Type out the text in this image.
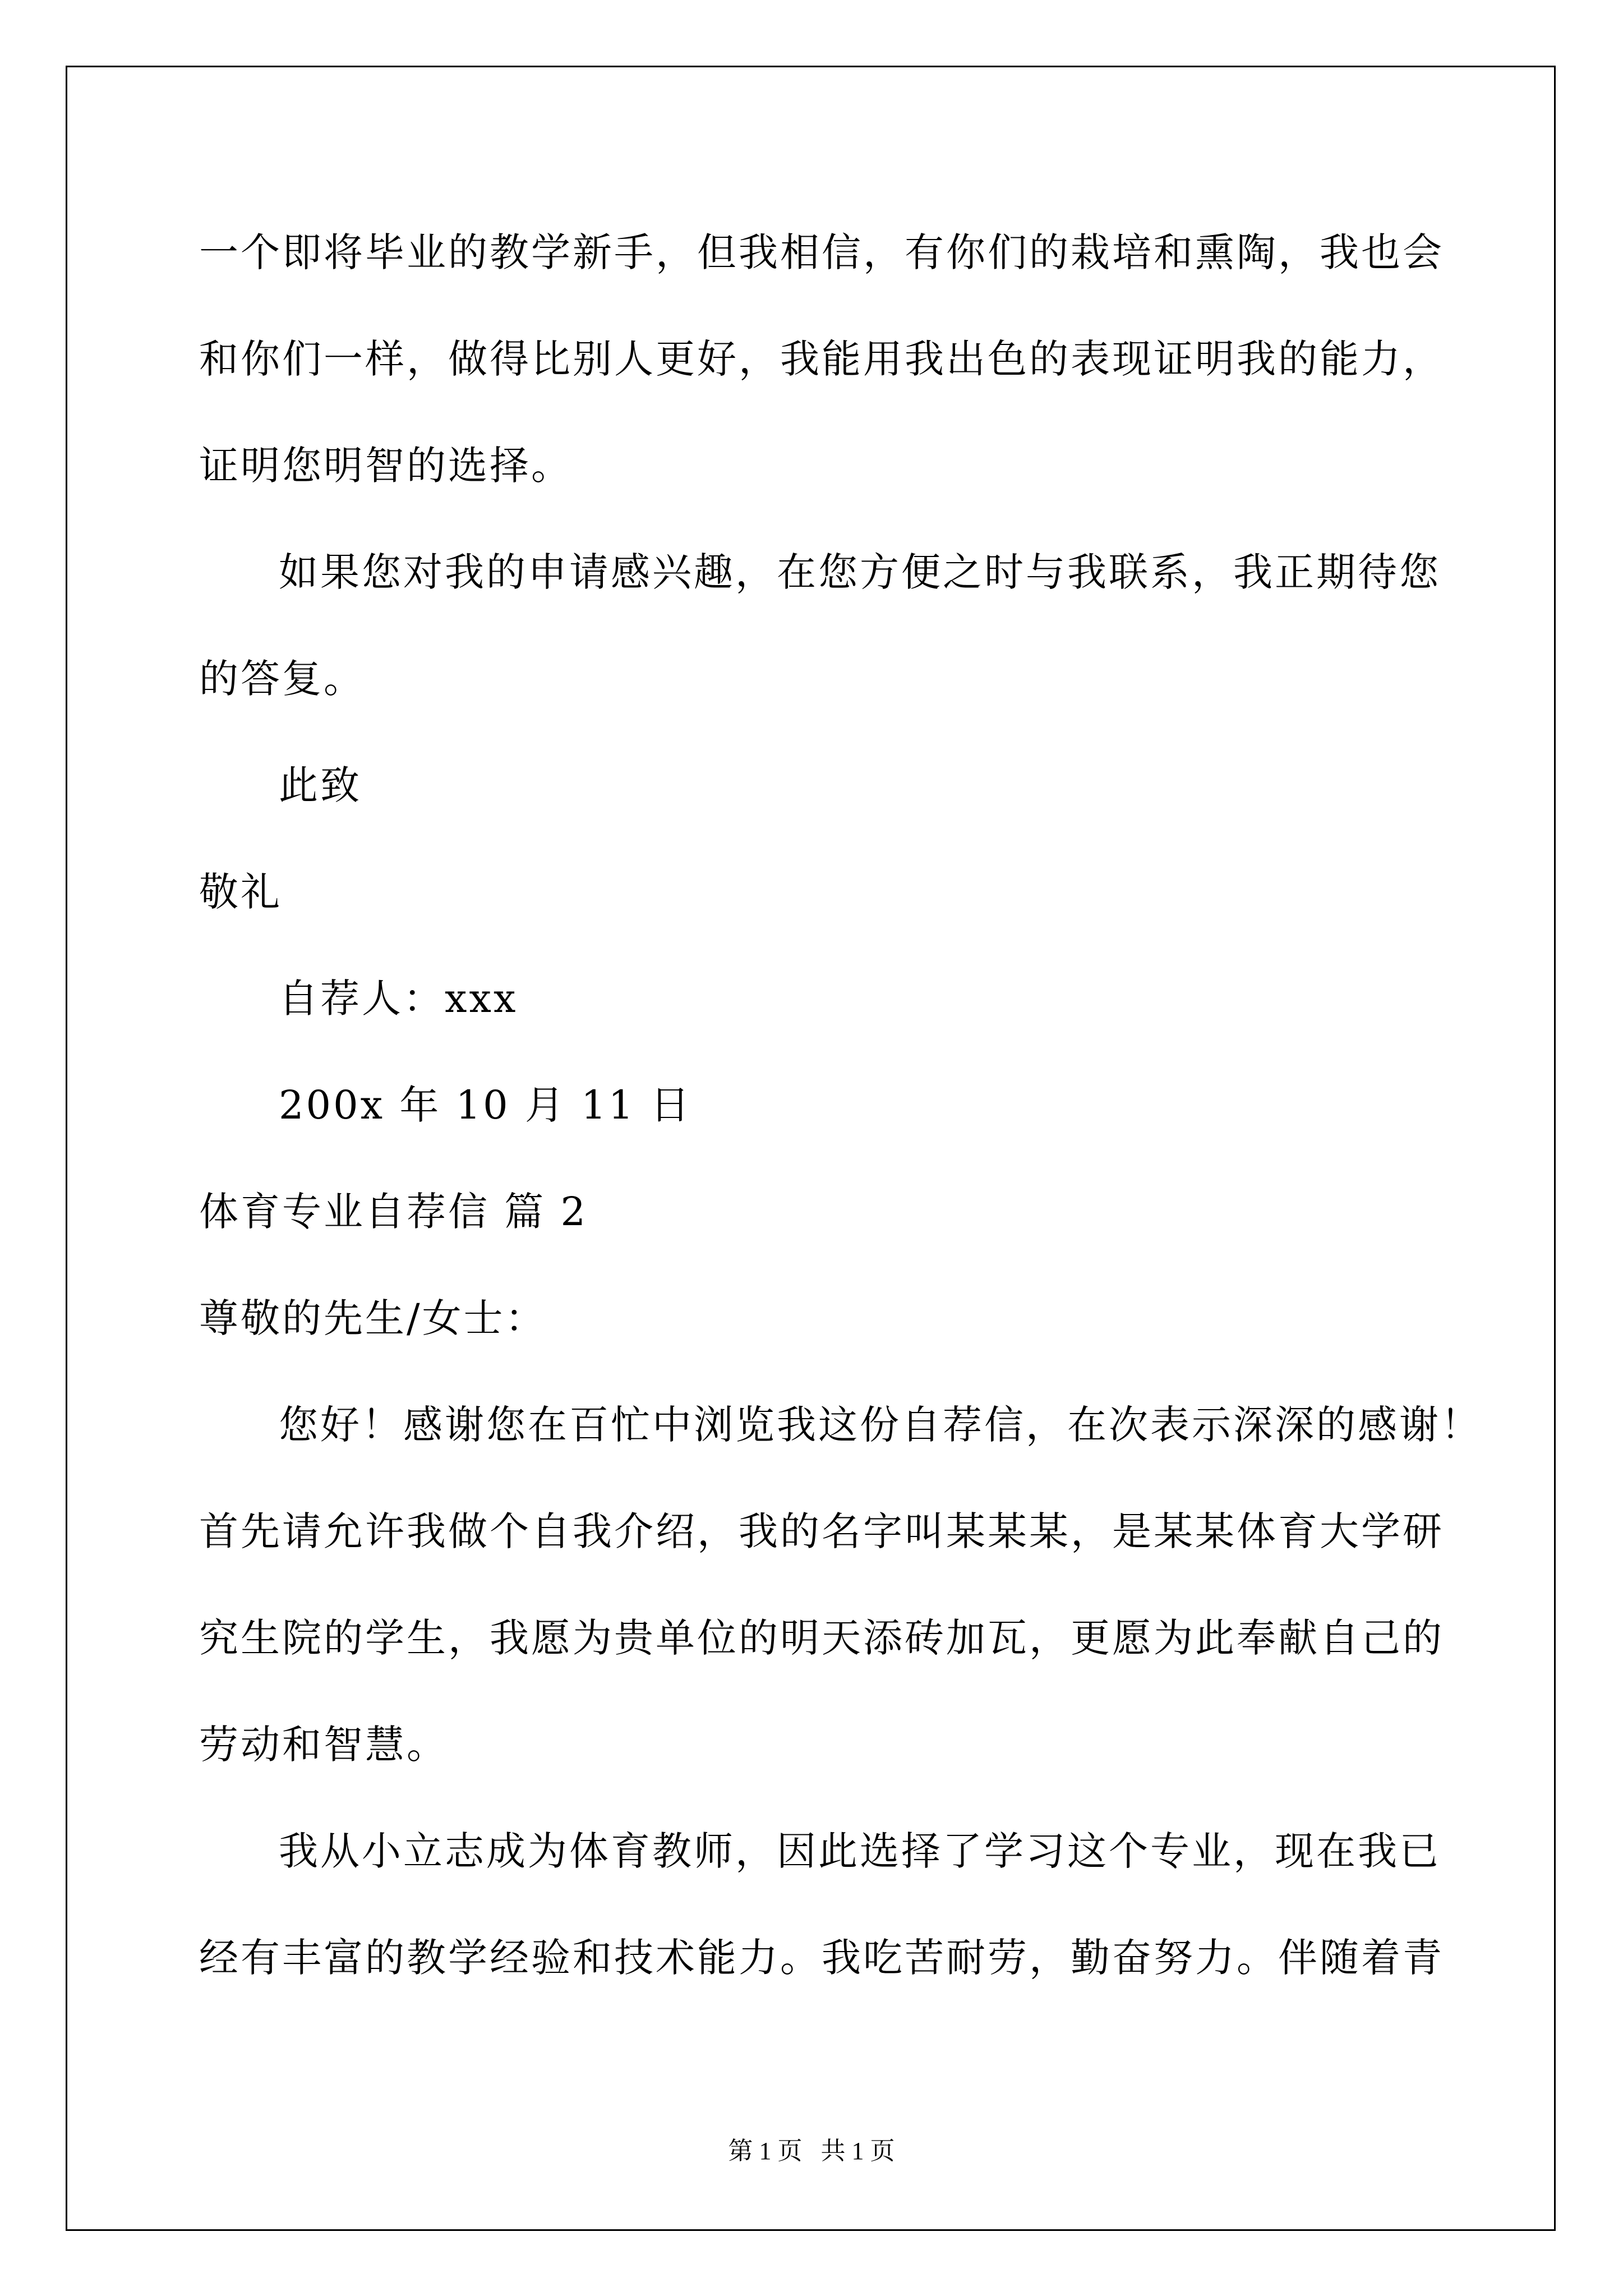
一个即将毕业的教学新手，但我相信，有你们的栽培和熏陶，我也会
和你们一样，做得比别人更好，我能用我出色的表现证明我的能力，
证明您明智的选择。
如果您对我的申请感兴趣，在您方便之时与我联系，我正期待您
的答复。
此致
敬礼
自荐人：xxx
200x 年 10 月 11 日
体育专业自荐信 篇 2
尊敬的先生/女士：
您好！感谢您在百忙中浏览我这份自荐信，在次表示深深的感谢！
首先请允许我做个自我介绍，我的名字叫某某某，是某某体育大学研
究生院的学生，我愿为贵单位的明天添砖加瓦，更愿为此奉献自己的
劳动和智慧。
我从小立志成为体育教师，因此选择了学习这个专业，现在我已
经有丰富的教学经验和技术能力。我吃苦耐劳，勤奋努力。伴随着青
第 1 页   共 1 页
